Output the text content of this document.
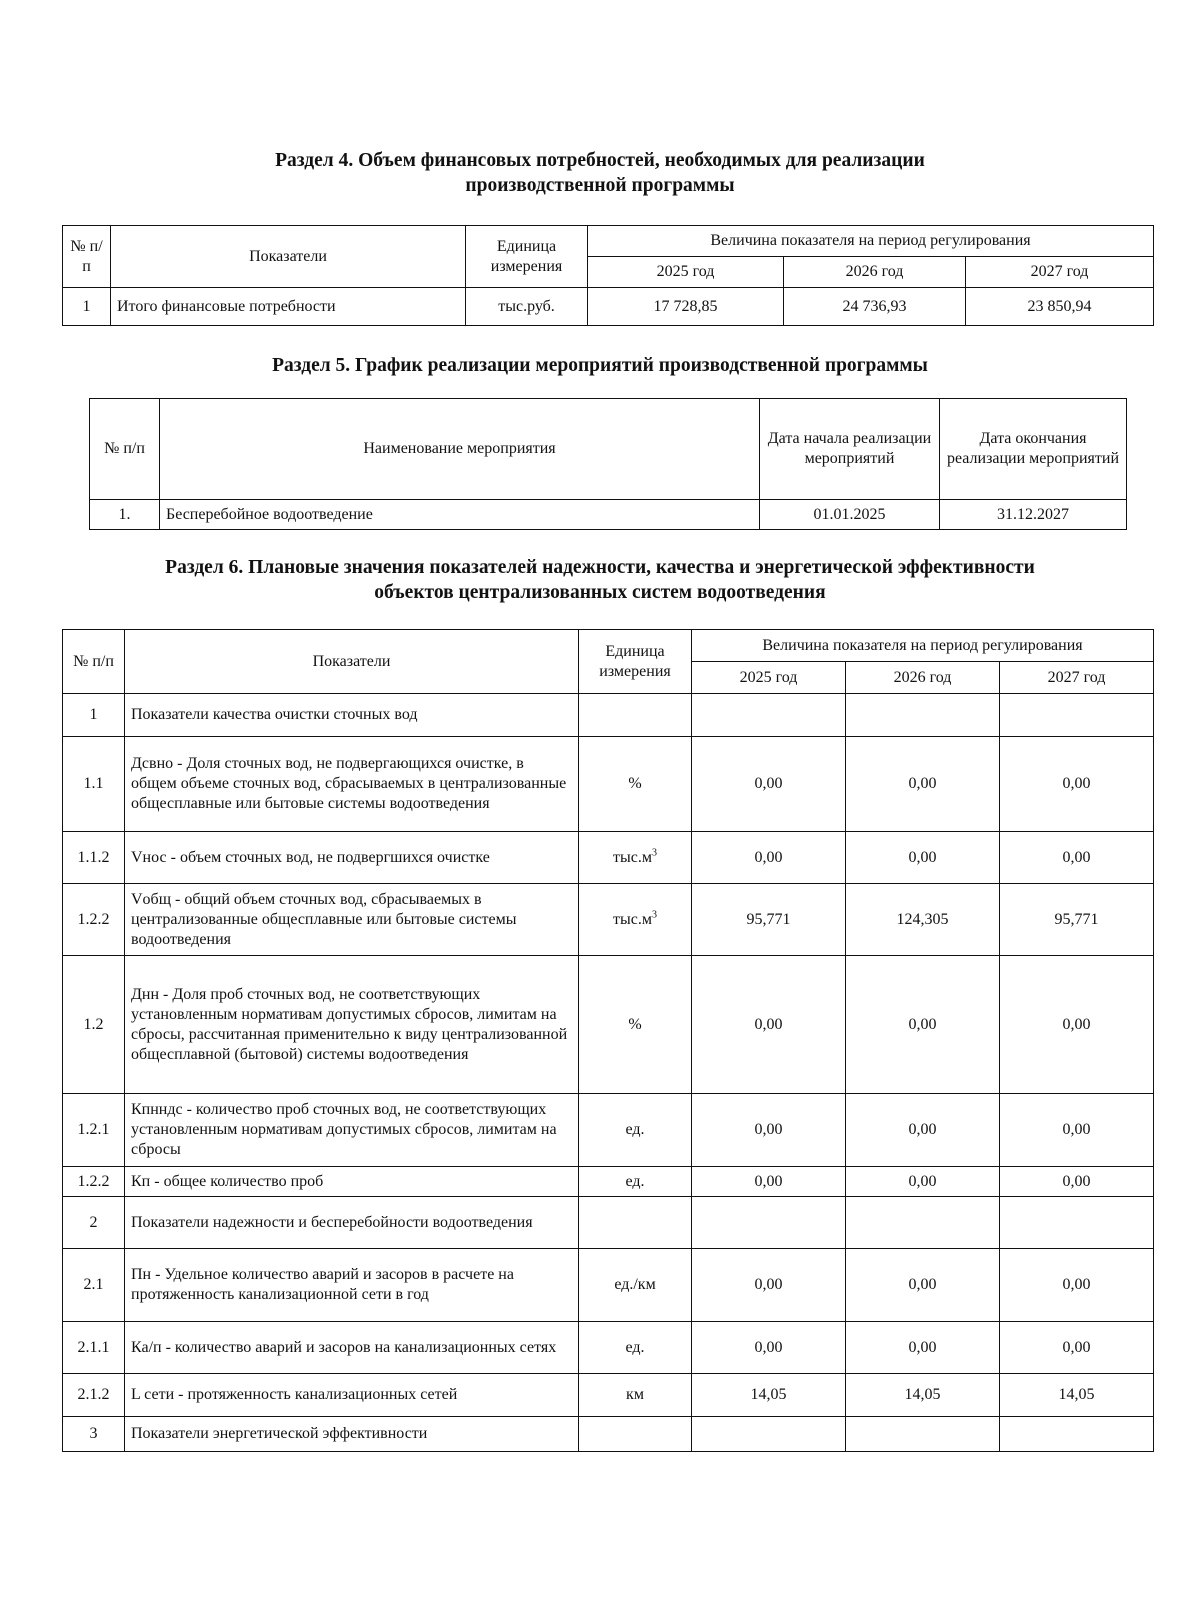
Раздел 4. Объем финансовых потребностей, необходимых для реализации
производственной программы
№ п/п	Показатели	Единица измерения	Величина показателя на период регулирования		
			2025 год	2026 год	2027 год
1	Итого финансовые потребности	тыс.руб.	17 728,85	24 736,93	23 850,94
Раздел 5. График реализации мероприятий производственной программы
№ п/п	Наименование мероприятия	Дата начала реализации мероприятий	Дата окончания реализации мероприятий
1.	Бесперебойное водоотведение	01.01.2025	31.12.2027
Раздел 6. Плановые значения показателей надежности, качества и энергетической эффективности
объектов централизованных систем водоотведения
№ п/п	Показатели	Единица измерения	Величина показателя на период регулирования		
			2025 год	2026 год	2027 год
1	Показатели качества очистки сточных вод				
1.1	Дсвно - Доля сточных вод, не подвергающихся очистке, в общем объеме сточных вод, сбрасываемых в централизованные общесплавные или бытовые системы водоотведения	%	0,00	0,00	0,00
1.1.2	Vнос - объем сточных вод, не подвергшихся очистке	$тыс.м^3$	0,00	0,00	0,00
1.2.2	Vобщ - общий объем сточных вод, сбрасываемых в централизованные общесплавные или бытовые системы водоотведения	$тыс.м^3$	95,771	124,305	95,771
1.2	Днн - Доля проб сточных вод, не соответствующих установленным нормативам допустимых сбросов, лимитам на сбросы, рассчитанная применительно к виду централизованной общесплавной (бытовой) системы водоотведения	%	0,00	0,00	0,00
1.2.1	Кпнндс - количество проб сточных вод, не соответствующих установленным нормативам допустимых сбросов, лимитам на сбросы	ед.	0,00	0,00	0,00
1.2.2	Кп - общее количество проб	ед.	0,00	0,00	0,00
2	Показатели надежности и бесперебойности водоотведения				
2.1	Пн - Удельное количество аварий и засоров в расчете на протяженность канализационной сети в год	ед./км	0,00	0,00	0,00
2.1.1	Ка/п - количество аварий и засоров на канализационных сетях	ед.	0,00	0,00	0,00
2.1.2	L сети - протяженность канализационных сетей	км	14,05	14,05	14,05
3	Показатели энергетической эффективности				
